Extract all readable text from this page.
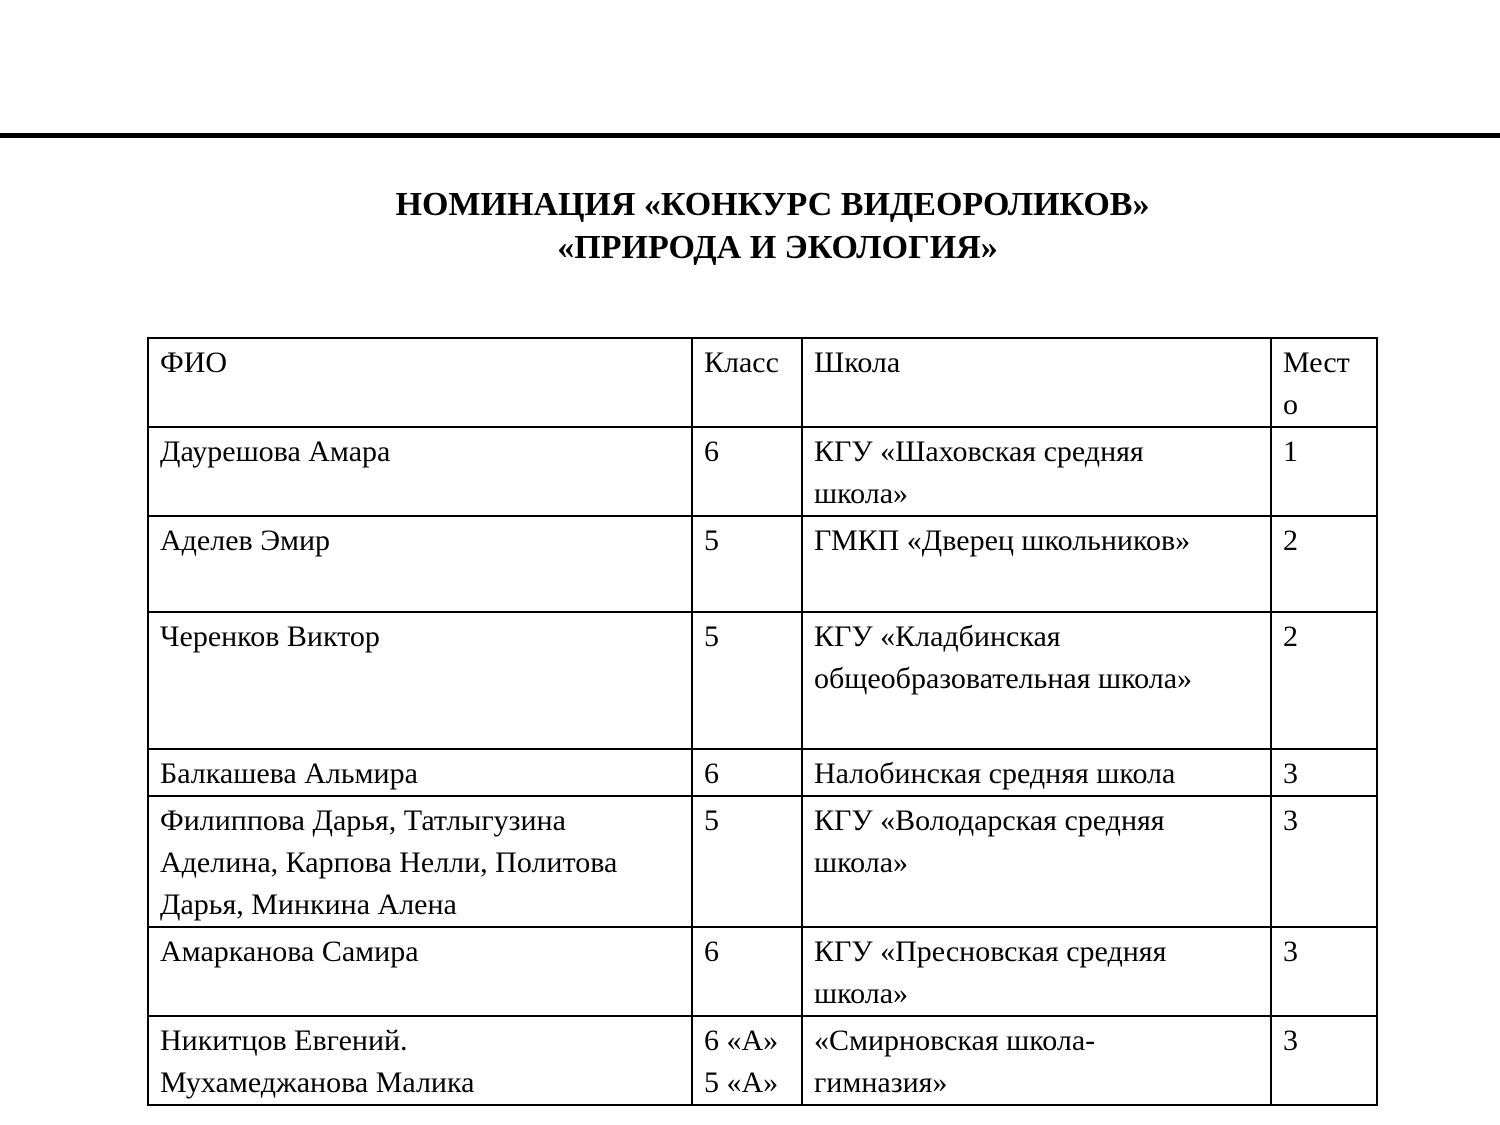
НОМИНАЦИЯ «КОНКУРС ВИДЕОРОЛИКОВ»
«ПРИРОДА И ЭКОЛОГИЯ»
ФИО	Класс	Школа	Мест
о

Даурешова Амара	6	КГУ «Шаховская средняя
школа»	1

Аделев Эмир	5	ГМКП «Дверец школьников»	2

Черенков Виктор	5	КГУ «Кладбинская
общеобразовательная школа»	2

Балкашева Альмира	6	Налобинская средняя школа	3

Филиппова Дарья, Татлыгузина
Аделина, Карпова Нелли, Политова
Дарья, Минкина Алена	5	КГУ «Володарская средняя
школа»	3

Амарканова Самира	6	КГУ «Пресновская средняя
школа»	3

Никитцов Евгений.
Мухамеджанова Малика	6 «А»
5 «А»	«Смирновская школа-
гимназия»	3
